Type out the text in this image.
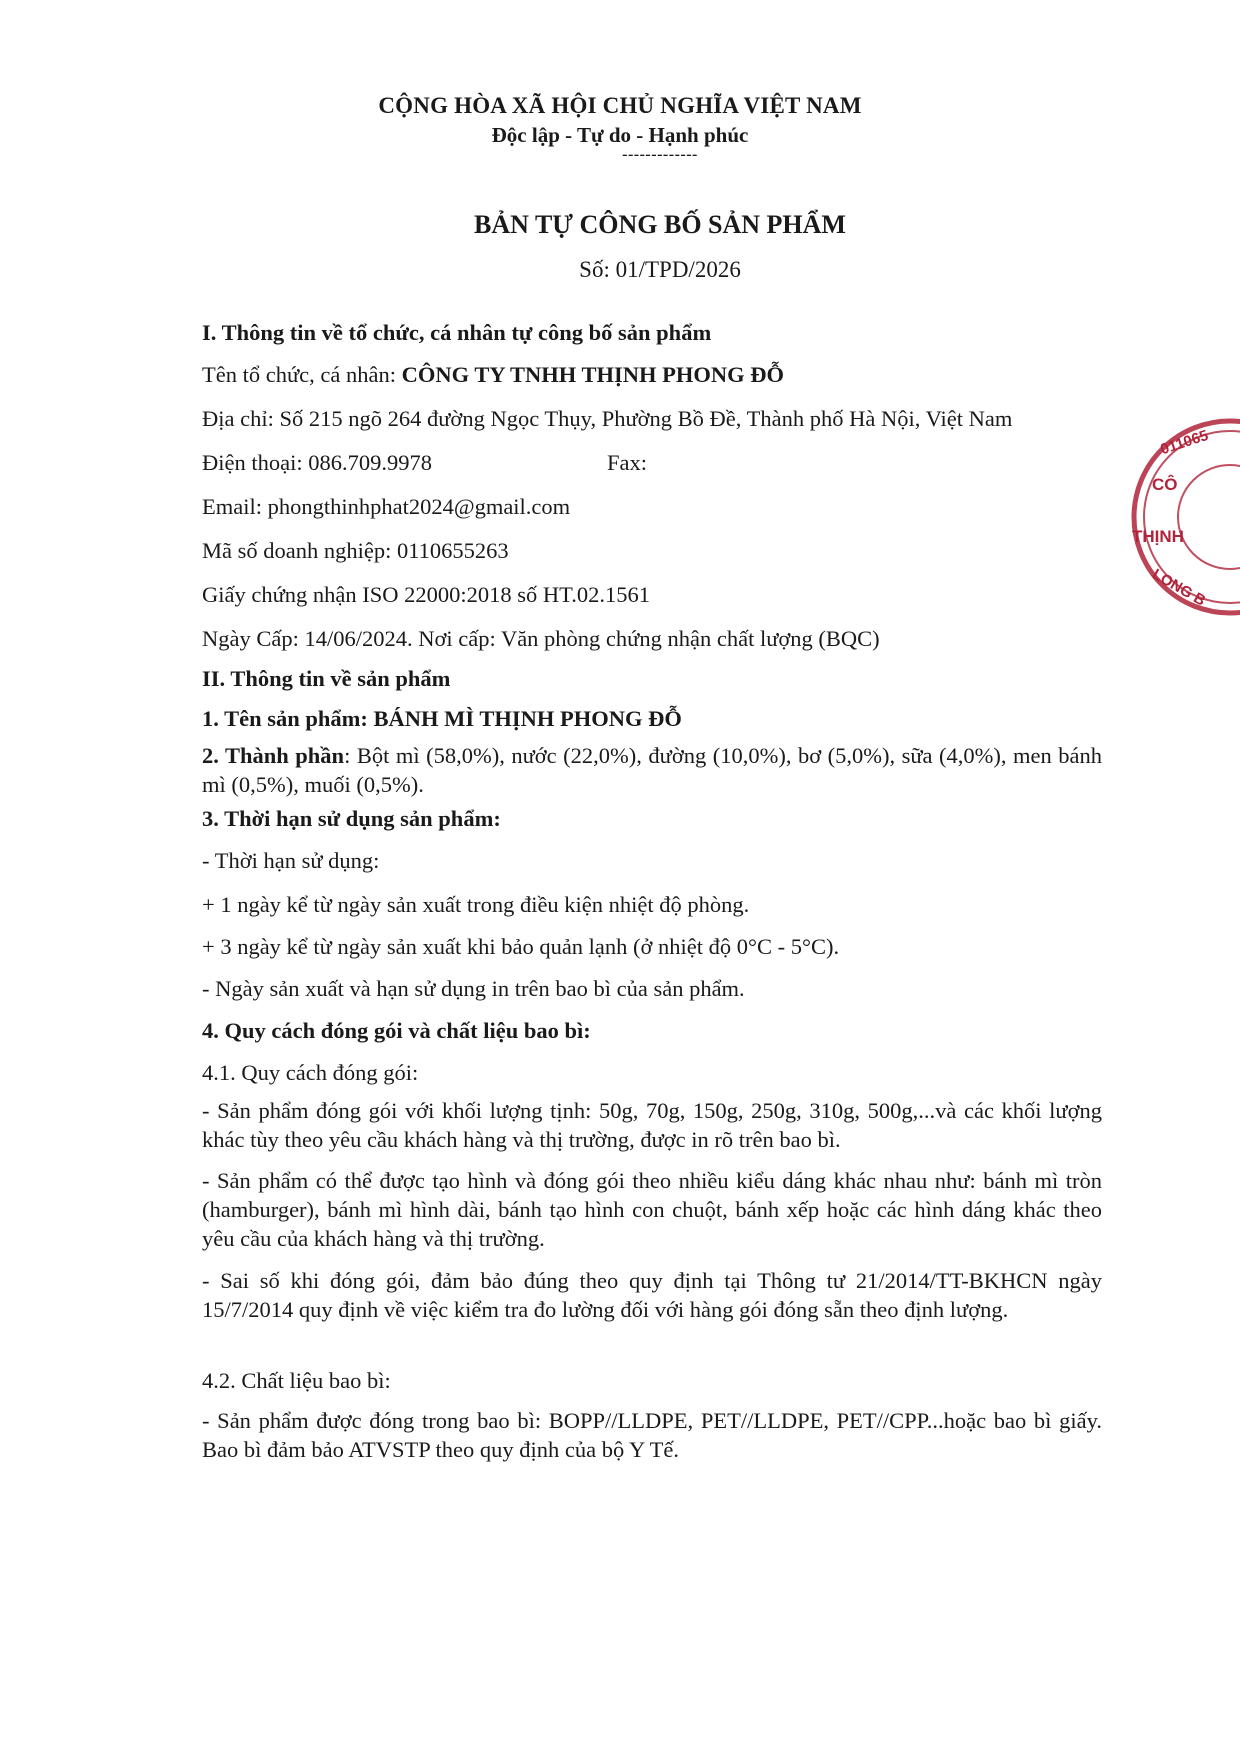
CỘNG HÒA XÃ HỘI CHỦ NGHĨA VIỆT NAM
Độc lập - Tự do - Hạnh phúc
-------------
BẢN TỰ CÔNG BỐ SẢN PHẨM
Số: 01/TPD/2026
I. Thông tin về tổ chức, cá nhân tự công bố sản phẩm
Tên tổ chức, cá nhân: CÔNG TY TNHH THỊNH PHONG ĐỖ
Địa chỉ: Số 215 ngõ 264 đường Ngọc Thụy, Phường Bồ Đề, Thành phố Hà Nội, Việt Nam
Điện thoại: 086.709.9978	Fax:
Email: phongthinhphat2024@gmail.com
Mã số doanh nghiệp: 0110655263
Giấy chứng nhận ISO 22000:2018 số HT.02.1561
Ngày Cấp: 14/06/2024. Nơi cấp: Văn phòng chứng nhận chất lượng (BQC)
II. Thông tin về sản phẩm
1. Tên sản phẩm: BÁNH MÌ THỊNH PHONG ĐỖ
2. Thành phần: Bột mì (58,0%), nước (22,0%), đường (10,0%), bơ (5,0%), sữa (4,0%), men bánh mì (0,5%), muối (0,5%).
3. Thời hạn sử dụng sản phẩm:
- Thời hạn sử dụng:
+ 1 ngày kể từ ngày sản xuất trong điều kiện nhiệt độ phòng.
+ 3 ngày kể từ ngày sản xuất khi bảo quản lạnh (ở nhiệt độ 0°C - 5°C).
- Ngày sản xuất và hạn sử dụng in trên bao bì của sản phẩm.
4. Quy cách đóng gói và chất liệu bao bì:
4.1. Quy cách đóng gói:
- Sản phẩm đóng gói với khối lượng tịnh: 50g, 70g, 150g, 250g, 310g, 500g,...và các khối lượng khác tùy theo yêu cầu khách hàng và thị trường, được in rõ trên bao bì.
- Sản phẩm có thể được tạo hình và đóng gói theo nhiều kiểu dáng khác nhau như: bánh mì tròn (hamburger), bánh mì hình dài, bánh tạo hình con chuột, bánh xếp hoặc các hình dáng khác theo yêu cầu của khách hàng và thị trường.
- Sai số khi đóng gói, đảm bảo đúng theo quy định tại Thông tư 21/2014/TT-BKHCN ngày 15/7/2014 quy định về việc kiểm tra đo lường đối với hàng gói đóng sẵn theo định lượng.
4.2. Chất liệu bao bì:
- Sản phẩm được đóng trong bao bì: BOPP//LLDPE, PET//LLDPE, PET//CPP...hoặc bao bì giấy. Bao bì đảm bảo ATVSTP theo quy định của bộ Y Tế.
011065
CÔ
THỊNH
LONG B
